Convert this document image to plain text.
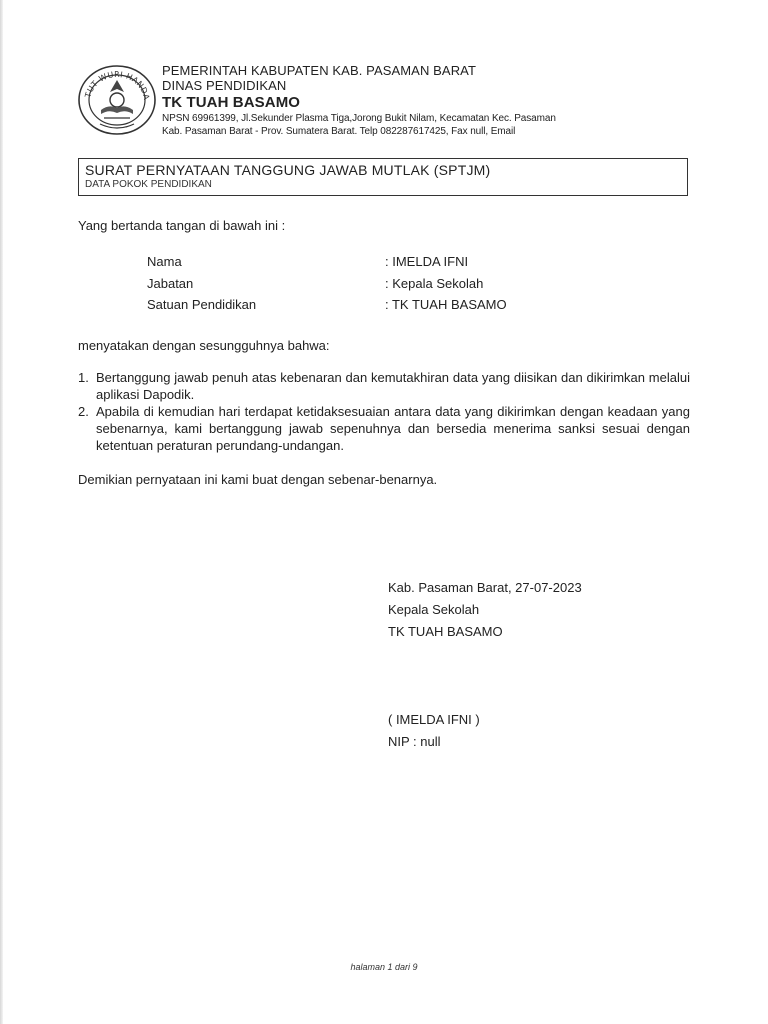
TUT WURI HANDA
PEMERINTAH KABUPATEN KAB. PASAMAN BARAT
DINAS PENDIDIKAN
TK TUAH BASAMO
NPSN 69961399, Jl.Sekunder Plasma Tiga,Jorong Bukit Nilam, Kecamatan Kec. Pasaman
Kab. Pasaman Barat - Prov. Sumatera Barat. Telp 082287617425, Fax null, Email
SURAT PERNYATAAN TANGGUNG JAWAB MUTLAK (SPTJM)
DATA POKOK PENDIDIKAN
Yang bertanda tangan di bawah ini :
Nama	: IMELDA IFNI
Jabatan	: Kepala Sekolah
Satuan Pendidikan	: TK TUAH BASAMO
menyatakan dengan sesungguhnya bahwa:
1. Bertanggung jawab penuh atas kebenaran dan kemutakhiran data yang diisikan dan dikirimkan melalui aplikasi Dapodik.
2. Apabila di kemudian hari terdapat ketidaksesuaian antara data yang dikirimkan dengan keadaan yang sebenarnya, kami bertanggung jawab sepenuhnya dan bersedia menerima sanksi sesuai dengan ketentuan peraturan perundang-undangan.
Demikian pernyataan ini kami buat dengan sebenar-benarnya.
Kab. Pasaman Barat, 27-07-2023
Kepala Sekolah
TK TUAH BASAMO
( IMELDA IFNI )
NIP : null
halaman 1 dari 9
